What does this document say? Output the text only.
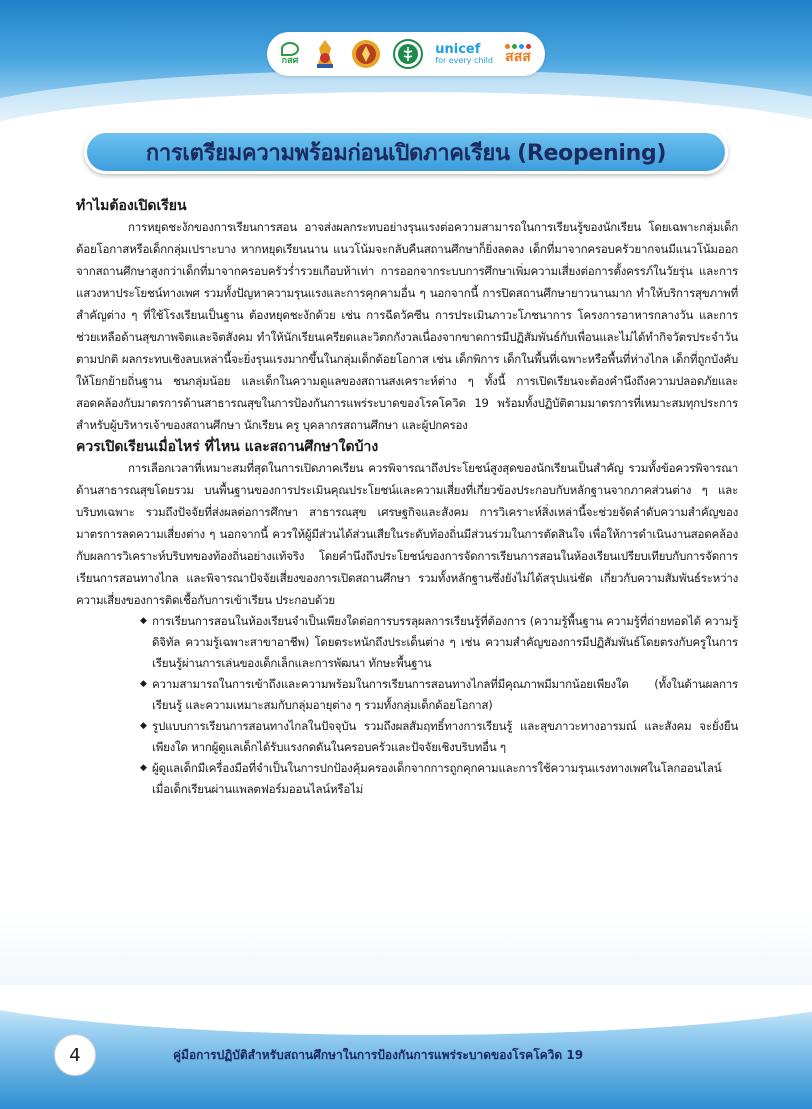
กสศ
unicef
for every child สสส
การเตรียมความพร้อมก่อนเปิดภาคเรียน (Reopening)
ทำไมต้องเปิดเรียน

การหยุดชะงักของการเรียนการสอน อาจส่งผลกระทบอย่างรุนแรงต่อความสามารถในการเรียนรู้ของนักเรียน โดยเฉพาะกลุ่มเด็กด้อยโอกาสหรือเด็กกลุ่มเปราะบาง หากหยุดเรียนนาน แนวโน้มจะกลับคืนสถานศึกษาก็ยิ่งลดลง เด็กที่มาจากครอบครัวยากจนมีแนวโน้มออกจากสถานศึกษาสูงกว่าเด็กที่มาจากครอบครัวร่ำรวยเกือบห้าเท่า การออกจากระบบการศึกษาเพิ่มความเสี่ยงต่อการตั้งครรภ์ในวัยรุ่น และการแสวงหาประโยชน์ทางเพศ รวมทั้งปัญหาความรุนแรงและการคุกคามอื่น ๆ นอกจากนี้ การปิดสถานศึกษายาวนานมาก ทำให้บริการสุขภาพที่สำคัญต่าง ๆ ที่ใช้โรงเรียนเป็นฐาน ต้องหยุดชะงักด้วย เช่น การฉีดวัคซีน การประเมินภาวะโภชนาการ โครงการอาหารกลางวัน และการช่วยเหลือด้านสุขภาพจิตและจิตสังคม ทำให้นักเรียนเครียดและวิตกกังวลเนื่องจากขาดการมีปฏิสัมพันธ์กับเพื่อนและไม่ได้ทำกิจวัตรประจำวันตามปกติ ผลกระทบเชิงลบเหล่านี้จะยิ่งรุนแรงมากขึ้นในกลุ่มเด็กด้อยโอกาส เช่น เด็กพิการ เด็กในพื้นที่เฉพาะหรือพื้นที่ห่างไกล เด็กที่ถูกบังคับให้โยกย้ายถิ่นฐาน ชนกลุ่มน้อย และเด็กในความดูแลของสถานสงเคราะห์ต่าง ๆ ทั้งนี้ การเปิดเรียนจะต้องคำนึงถึงความปลอดภัยและสอดคล้องกับมาตรการด้านสาธารณสุขในการป้องกันการแพร่ระบาดของโรคโควิด 19 พร้อมทั้งปฏิบัติตามมาตรการที่เหมาะสมทุกประการสำหรับผู้บริหารเจ้าของสถานศึกษา นักเรียน ครู บุคลากรสถานศึกษา และผู้ปกครอง

ควรเปิดเรียนเมื่อไหร่ ที่ไหน และสถานศึกษาใดบ้าง

การเลือกเวลาที่เหมาะสมที่สุดในการเปิดภาคเรียน ควรพิจารณาถึงประโยชน์สูงสุดของนักเรียนเป็นสำคัญ รวมทั้งข้อควรพิจารณาด้านสาธารณสุขโดยรวม บนพื้นฐานของการประเมินคุณประโยชน์และความเสี่ยงที่เกี่ยวข้องประกอบกับหลักฐานจากภาคส่วนต่าง ๆ และบริบทเฉพาะ รวมถึงปัจจัยที่ส่งผลต่อการศึกษา สาธารณสุข เศรษฐกิจและสังคม การวิเคราะห์สิ่งเหล่านี้จะช่วยจัดลำดับความสำคัญของมาตรการลดความเสี่ยงต่าง ๆ นอกจากนี้ ควรให้ผู้มีส่วนได้ส่วนเสียในระดับท้องถิ่นมีส่วนร่วมในการตัดสินใจ เพื่อให้การดำเนินงานสอดคล้องกับผลการวิเคราะห์บริบทของท้องถิ่นอย่างแท้จริง โดยคำนึงถึงประโยชน์ของการจัดการเรียนการสอนในห้องเรียนเปรียบเทียบกับการจัดการเรียนการสอนทางไกล และพิจารณาปัจจัยเสี่ยงของการเปิดสถานศึกษา รวมทั้งหลักฐานซึ่งยังไม่ได้สรุปแน่ชัด เกี่ยวกับความสัมพันธ์ระหว่างความเสี่ยงของการติดเชื้อกับการเข้าเรียน ประกอบด้วย

◆ การเรียนการสอนในห้องเรียนจำเป็นเพียงใดต่อการบรรลุผลการเรียนรู้ที่ต้องการ (ความรู้พื้นฐาน ความรู้ที่ถ่ายทอดได้ ความรู้ดิจิทัล ความรู้เฉพาะสาขาอาชีพ) โดยตระหนักถึงประเด็นต่าง ๆ เช่น ความสำคัญของการมีปฏิสัมพันธ์โดยตรงกับครูในการเรียนรู้ผ่านการเล่นของเด็กเล็กและการพัฒนา ทักษะพื้นฐาน
◆ ความสามารถในการเข้าถึงและความพร้อมในการเรียนการสอนทางไกลที่มีคุณภาพมีมากน้อยเพียงใด (ทั้งในด้านผลการเรียนรู้ และความเหมาะสมกับกลุ่มอายุต่าง ๆ รวมทั้งกลุ่มเด็กด้อยโอกาส)
◆ รูปแบบการเรียนการสอนทางไกลในปัจจุบัน รวมถึงผลสัมฤทธิ์ทางการเรียนรู้ และสุขภาวะทางอารมณ์ และสังคม จะยั่งยืนเพียงใด หากผู้ดูแลเด็กได้รับแรงกดดันในครอบครัวและปัจจัยเชิงบริบทอื่น ๆ
◆ ผู้ดูแลเด็กมีเครื่องมือที่จำเป็นในการปกป้องคุ้มครองเด็กจากการถูกคุกคามและการใช้ความรุนแรงทางเพศในโลกออนไลน์ เมื่อเด็กเรียนผ่านแพลตฟอร์มออนไลน์หรือไม่
4	คู่มือการปฏิบัติสำหรับสถานศึกษาในการป้องกันการแพร่ระบาดของโรคโควิด 19
